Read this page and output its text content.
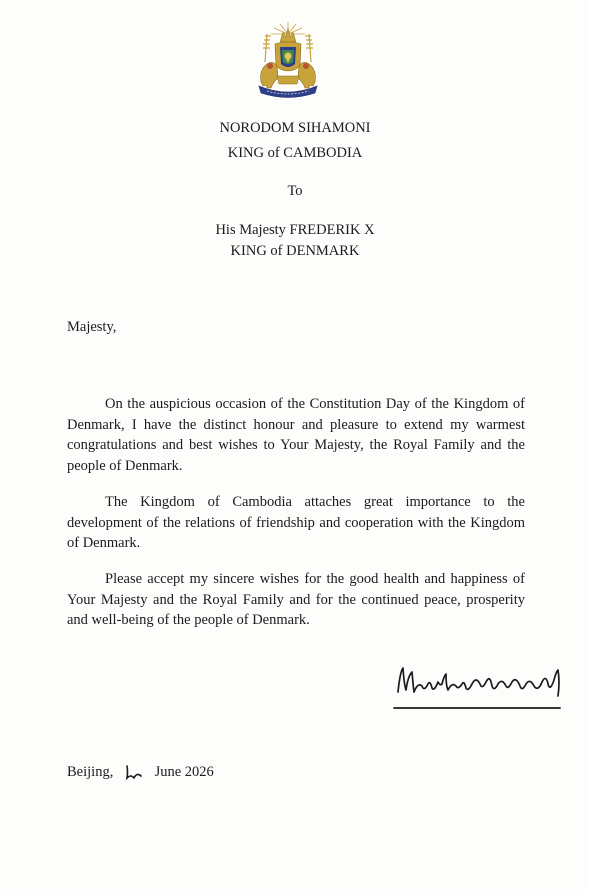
NORODOM SIHAMONI
KING of CAMBODIA
To
His Majesty FREDERIK X
KING of DENMARK
Majesty,

On the auspicious occasion of the Constitution Day of the Kingdom of Denmark, I have the distinct honour and pleasure to extend my warmest congratulations and best wishes to Your Majesty, the Royal Family and the people of Denmark.

The Kingdom of Cambodia attaches great importance to the development of the relations of friendship and cooperation with the Kingdom of Denmark.

Please accept my sincere wishes for the good health and happiness of Your Majesty and the Royal Family and for the continued peace, prosperity and well-being of the people of Denmark.

Beijing,	June 2026
